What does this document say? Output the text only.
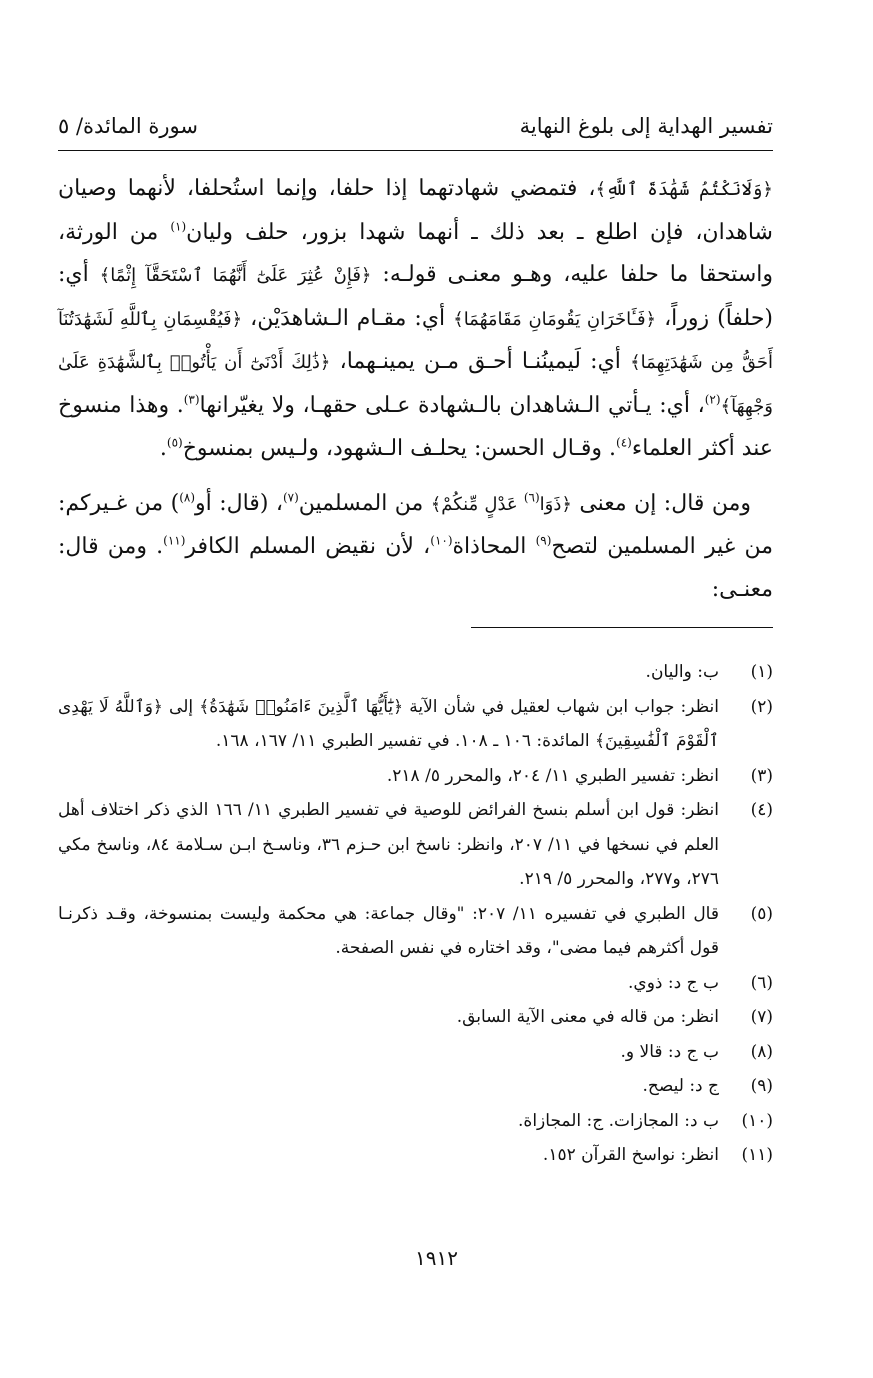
تفسير الهداية إلى بلوغ النهاية
سورة المائدة/ ٥

﴿وَلَانَكْتُمُ شَهَٰدَةَ ٱللَّهِ﴾، فتمضي شهادتهما إذا حلفا، وإنما استُحلفا، لأنهما وصيان شاهدان، فإن اطلع ـ بعد ذلك ـ أنهما شهدا بزور، حلف وليان$^{(١)}$ من الورثة، واستحقا ما حلفا عليه، وهـو معنـى قولـه: ﴿فَإِنْ عُثِرَ عَلَىٰٓ أَنَّهُمَا ٱسْتَحَقَّآ إِثْمًا﴾ أي: (حلفاً) زوراً، ﴿فَـَٔاخَرَانِ يَقُومَانِ مَقَامَهُمَا﴾ أي: مقـام الـشاهدَيْن، ﴿فَيُقْسِمَانِ بِٱللَّهِ لَشَهَٰدَتُنَآ أَحَقُّ مِن شَهَٰدَتِهِمَا﴾ أي: لَيمينُنـا أحـق مـن يمينـهما، ﴿ذَٰلِكَ أَدْنَىٰٓ أَن يَأْتُوا۟ بِٱلشَّهَٰدَةِ عَلَىٰ وَجْهِهَآ﴾$^{(٢)}$، أي: يـأتي الـشاهدان بالـشهادة عـلى حقهـا، ولا يغيّرانها$^{(٣)}$. وهذا منسوخ عند أكثر العلماء$^{(٤)}$. وقـال الحسن: يحلـف الـشهود، ولـيس بمنسوخ$^{(٥)}$.

ومن قال: إن معنى ﴿ذَوَا$^{(٦)}$ عَدْلٍ مِّنكُمْ﴾ من المسلمين$^{(٧)}$، (قال: أو$^{(٨)}$) من غـيركم: من غير المسلمين لتصح$^{(٩)}$ المحاذاة$^{(١٠)}$، لأن نقيض المسلم الكافر$^{(١١)}$. ومن قال: معنـى:

(١)
ب: واليان.
(٢)
انظر: جواب ابن شهاب لعقيل في شأن الآية ﴿يَٰٓأَيُّهَا ٱلَّذِينَ ءَامَنُوا۟ شَهَٰدَةُ﴾ إلى ﴿وَٱللَّهُ لَا يَهْدِى ٱلْقَوْمَ ٱلْفَٰسِقِينَ﴾ المائدة: ١٠٦ ـ ١٠٨. في تفسير الطبري ١١/ ١٦٧، ١٦٨.
(٣)
انظر: تفسير الطبري ١١/ ٢٠٤، والمحرر ٥/ ٢١٨.
(٤)
انظر: قول ابن أسلم بنسخ الفرائض للوصية في تفسير الطبري ١١/ ١٦٦ الذي ذكر اختلاف أهل العلم في نسخها في ١١/ ٢٠٧، وانظر: ناسخ ابن حـزم ٣٦، وناسـخ ابـن سـلامة ٨٤، وناسخ مكي ٢٧٦، و٢٧٧، والمحرر ٥/ ٢١٩.
(٥)
قال الطبري في تفسيره ١١/ ٢٠٧: "وقال جماعة: هي محكمة وليست بمنسوخة، وقـد ذكرنـا قول أكثرهم فيما مضى"، وقد اختاره في نفس الصفحة.
(٦)
ب ج د: ذوي.
(٧)
انظر: من قاله في معنى الآية السابق.
(٨)
ب ج د: قالا و.
(٩)
ج د: ليصح.
(١٠)
ب د: المجازات. ج: المجازاة.
(١١)
انظر: نواسخ القرآن ١٥٢.
١٩١٢
